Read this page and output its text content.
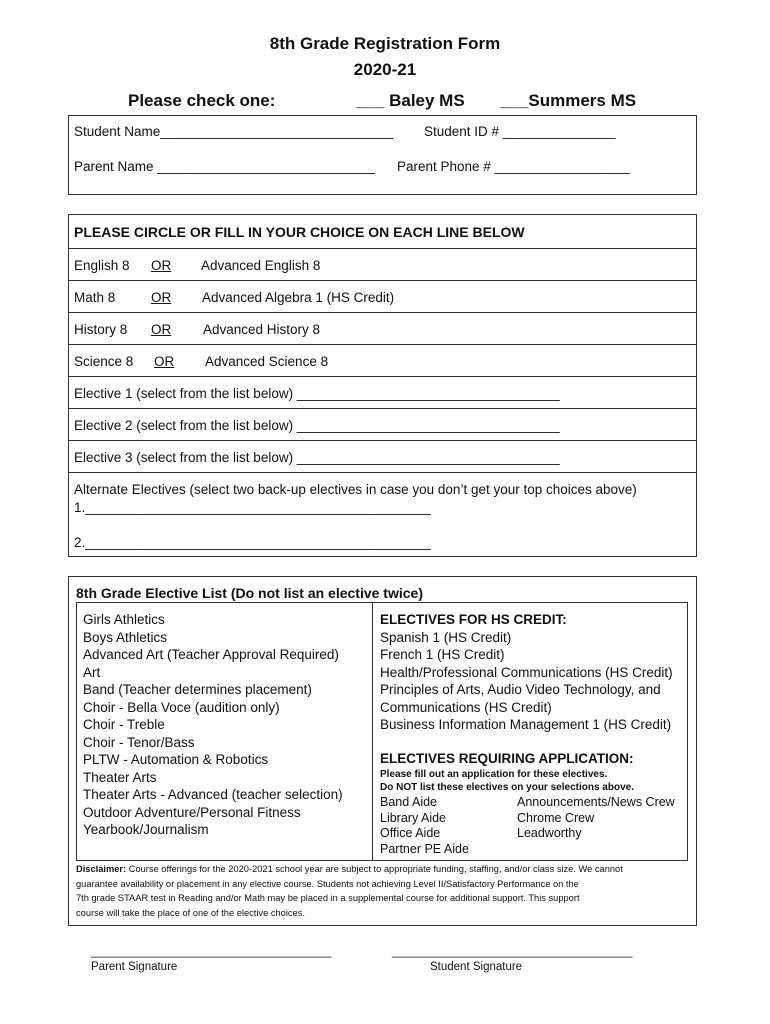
8th Grade Registration Form
2020-21
Please check one:	___ Baley MS ___Summers MS
Student Name_______________________________ Student ID # _______________
Parent Name _____________________________ Parent Phone # __________________
PLEASE CIRCLE OR FILL IN YOUR CHOICE ON EACH LINE BELOW
English 8 OR Advanced English 8
Math 8	OR Advanced Algebra 1 (HS Credit)
History 8 OR Advanced History 8
Science 8 OR Advanced Science 8
Elective 1 (select from the list below) ___________________________________
Elective 2 (select from the list below) ___________________________________
Elective 3 (select from the list below) ___________________________________
Alternate Electives (select two back-up electives in case you don’t get your top choices above)
1.______________________________________________
2.______________________________________________
8th Grade Elective List (Do not list an elective twice)
Girls Athletics
Boys Athletics
Advanced Art (Teacher Approval Required)
Art
Band (Teacher determines placement)
Choir - Bella Voce (audition only)
Choir - Treble
Choir - Tenor/Bass
PLTW - Automation & Robotics
Theater Arts
Theater Arts - Advanced (teacher selection)
Outdoor Adventure/Personal Fitness
Yearbook/Journalism
ELECTIVES FOR HS CREDIT:
Spanish 1 (HS Credit)
French 1 (HS Credit)
Health/Professional Communications (HS Credit)
Principles of Arts, Audio Video Technology, and
Communications (HS Credit)
Business Information Management 1 (HS Credit)
ELECTIVES REQUIRING APPLICATION:
Please fill out an application for these electives.
Do NOT list these electives on your selections above.
Band Aide
Library Aide
Office Aide
Partner PE Aide
Announcements/News Crew
Chrome Crew
Leadworthy
Disclaimer: Course offerings for the 2020-2021 school year are subject to appropriate funding, staffing, and/or class size. We cannot
guarantee availability or placement in any elective course. Students not achieving Level II/Satisfactory Performance on the
7th grade STAAR test in Reading and/or Math may be placed in a supplemental course for additional support. This support
course will take the place of one of the elective choices.
____________________________________
Parent Signature
____________________________________
Student Signature
